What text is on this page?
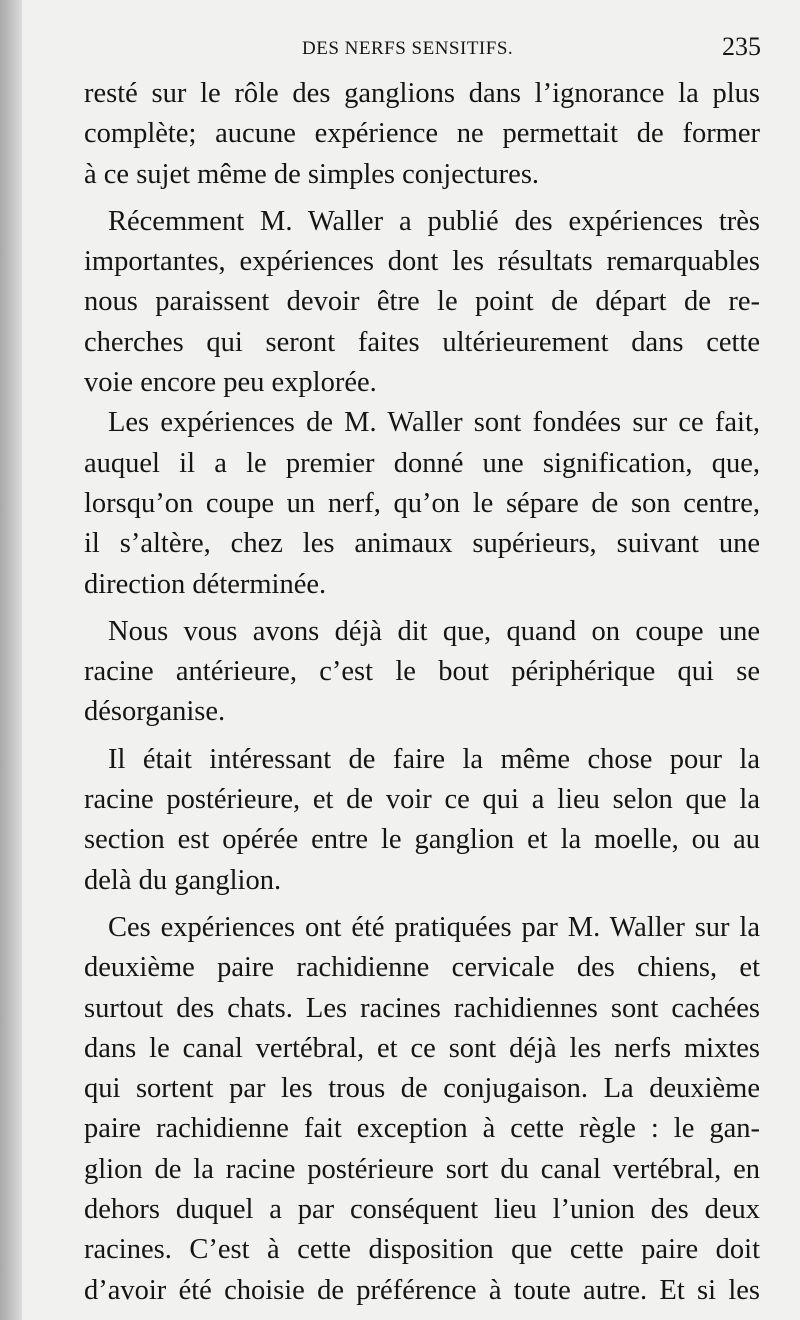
DES NERFS SENSITIFS.	235
resté sur le rôle des ganglions dans l’ignorance la plus
complète; aucune expérience ne permettait de former
à ce sujet même de simples conjectures.
Récemment M. Waller a publié des expériences très
importantes, expériences dont les résultats remarquables
nous paraissent devoir être le point de départ de re-
cherches qui seront faites ultérieurement dans cette
voie encore peu explorée.
Les expériences de M. Waller sont fondées sur ce fait,
auquel il a le premier donné une signification, que,
lorsqu’on coupe un nerf, qu’on le sépare de son centre,
il s’altère, chez les animaux supérieurs, suivant une
direction déterminée.
Nous vous avons déjà dit que, quand on coupe une
racine antérieure, c’est le bout périphérique qui se
désorganise.
Il était intéressant de faire la même chose pour la
racine postérieure, et de voir ce qui a lieu selon que la
section est opérée entre le ganglion et la moelle, ou au
delà du ganglion.
Ces expériences ont été pratiquées par M. Waller sur la
deuxième paire rachidienne cervicale des chiens, et
surtout des chats. Les racines rachidiennes sont cachées
dans le canal vertébral, et ce sont déjà les nerfs mixtes
qui sortent par les trous de conjugaison. La deuxième
paire rachidienne fait exception à cette règle : le gan-
glion de la racine postérieure sort du canal vertébral, en
dehors duquel a par conséquent lieu l’union des deux
racines. C’est à cette disposition que cette paire doit
d’avoir été choisie de préférence à toute autre. Et si les
